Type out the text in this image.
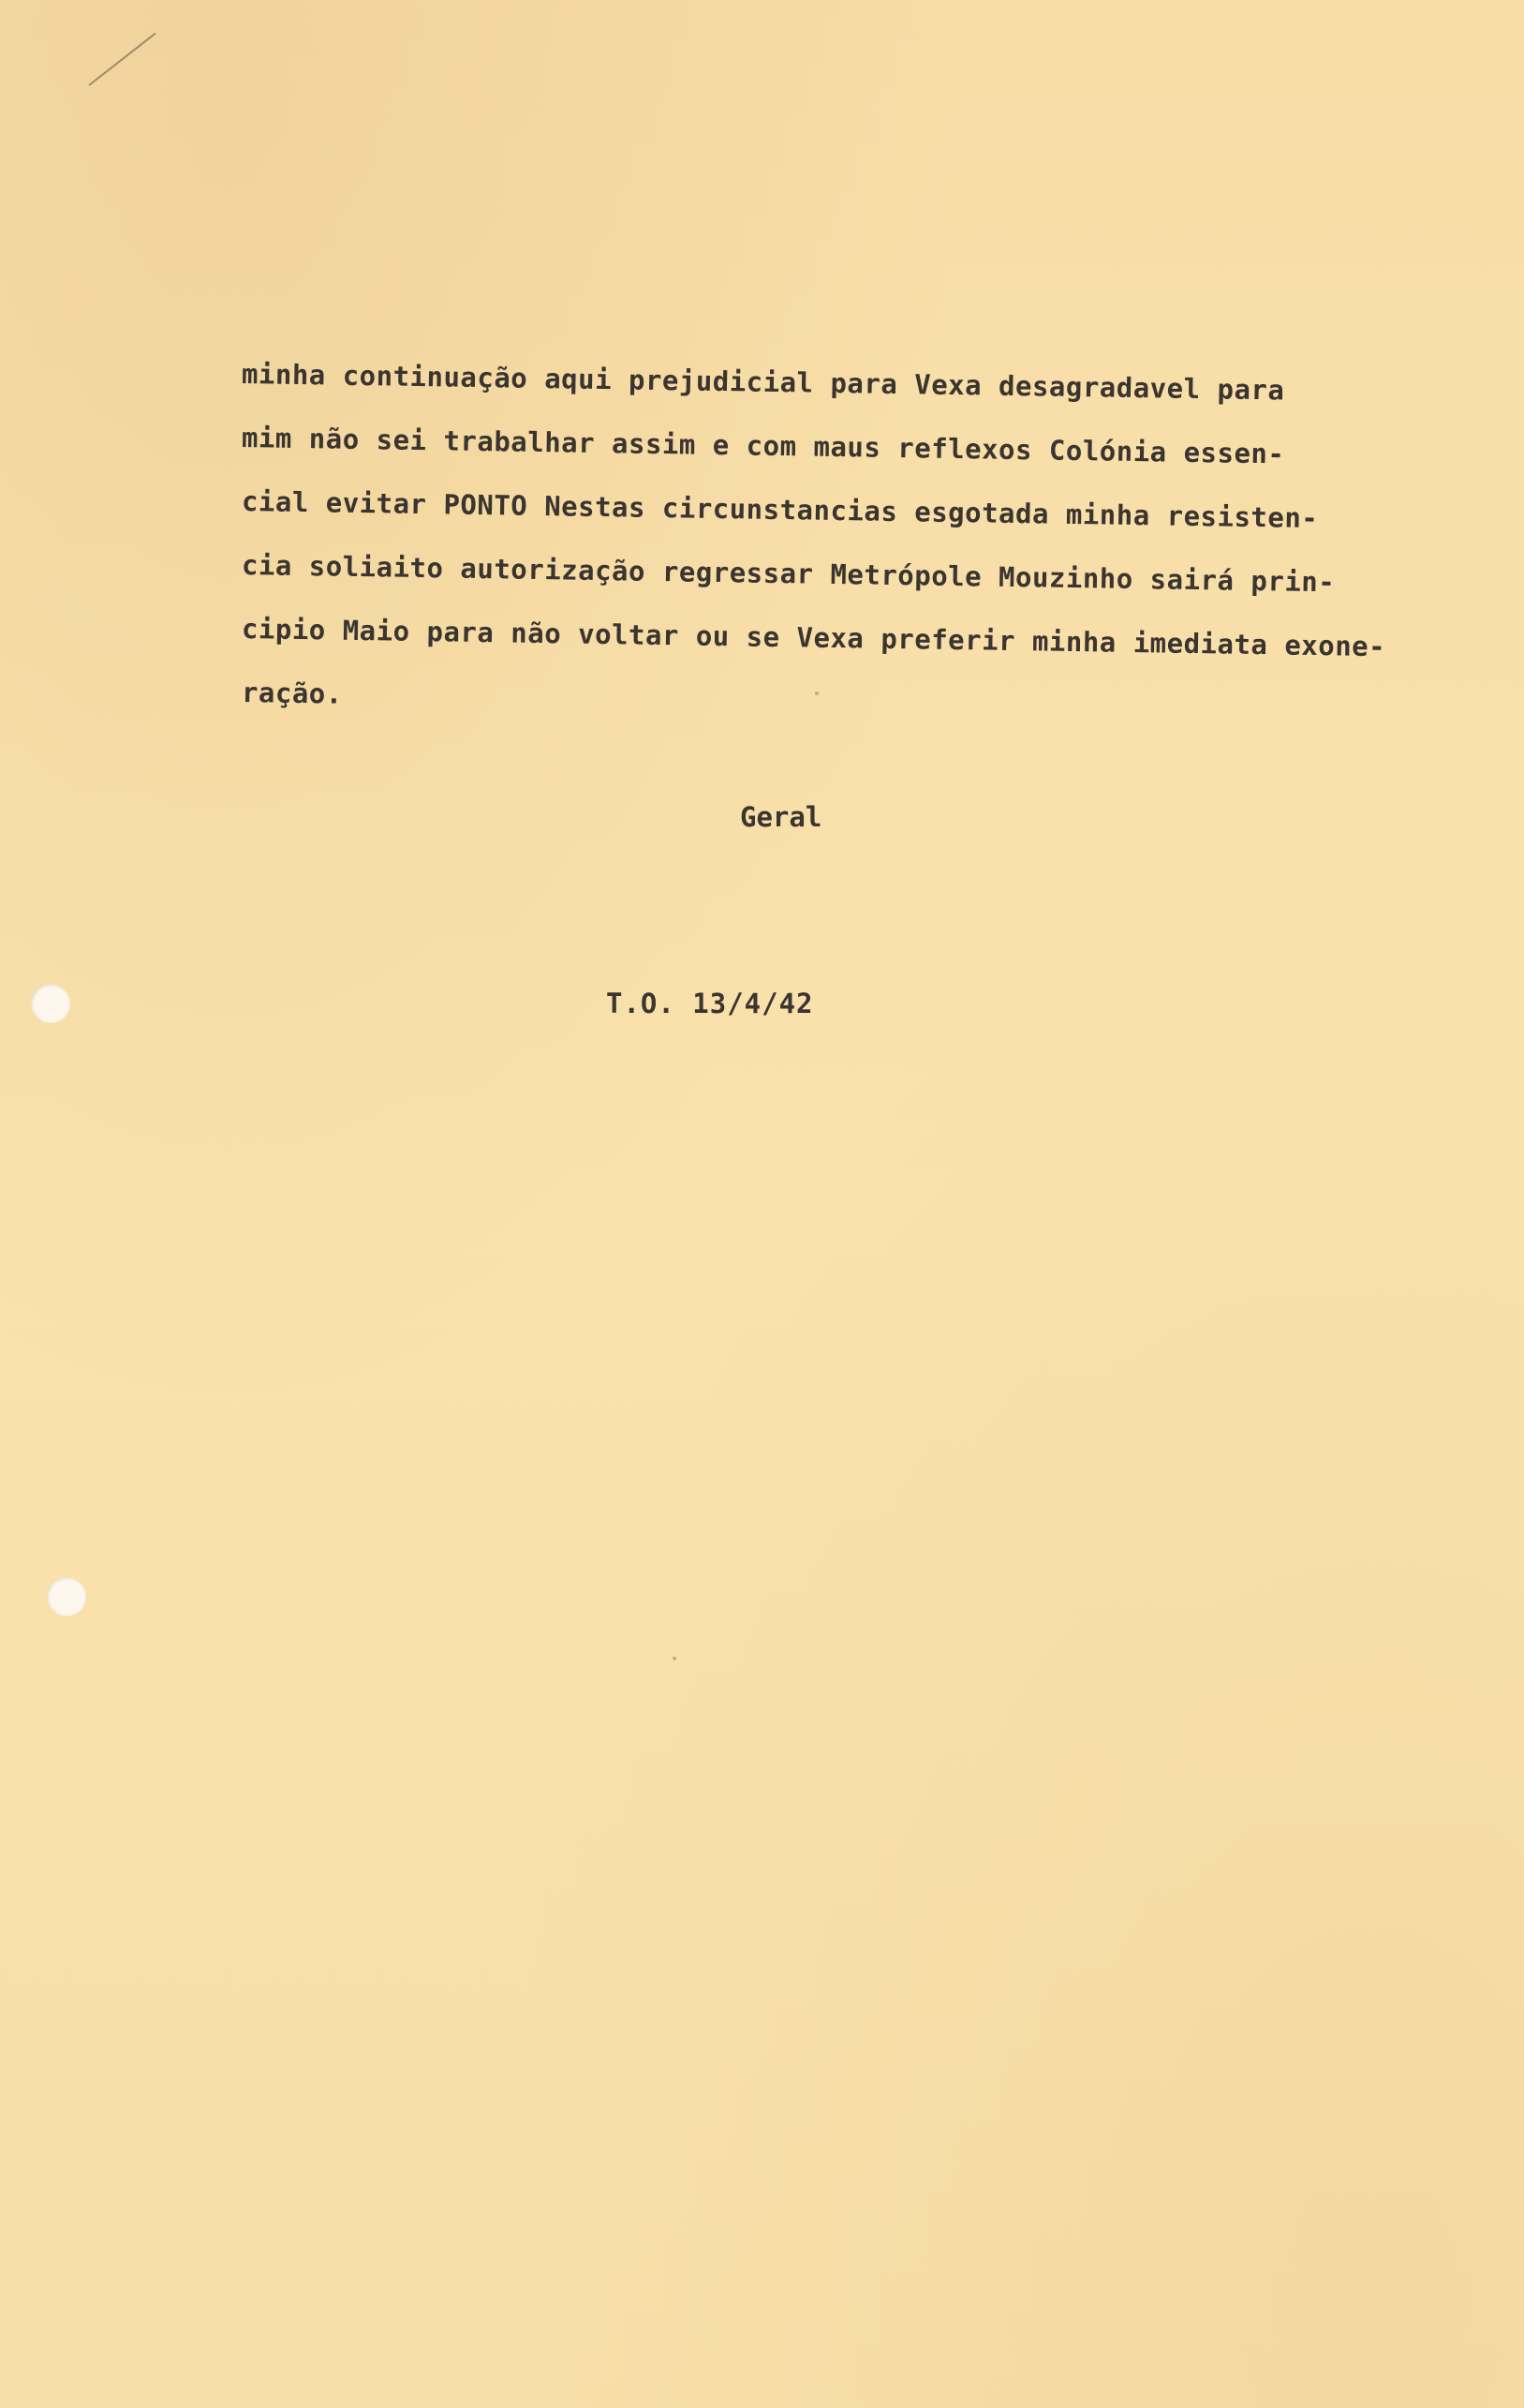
minha continuação aqui prejudicial para Vexa desagradavel para
mim não sei trabalhar assim e com maus reflexos Colónia essen-
cial evitar PONTO Nestas circunstancias esgotada minha resisten-
cia soliaito autorização regressar Metrópole Mouzinho sairá prin-
cipio Maio para não voltar ou se Vexa preferir minha imediata exone-
ração.
Geral
T.O. 13/4/42
